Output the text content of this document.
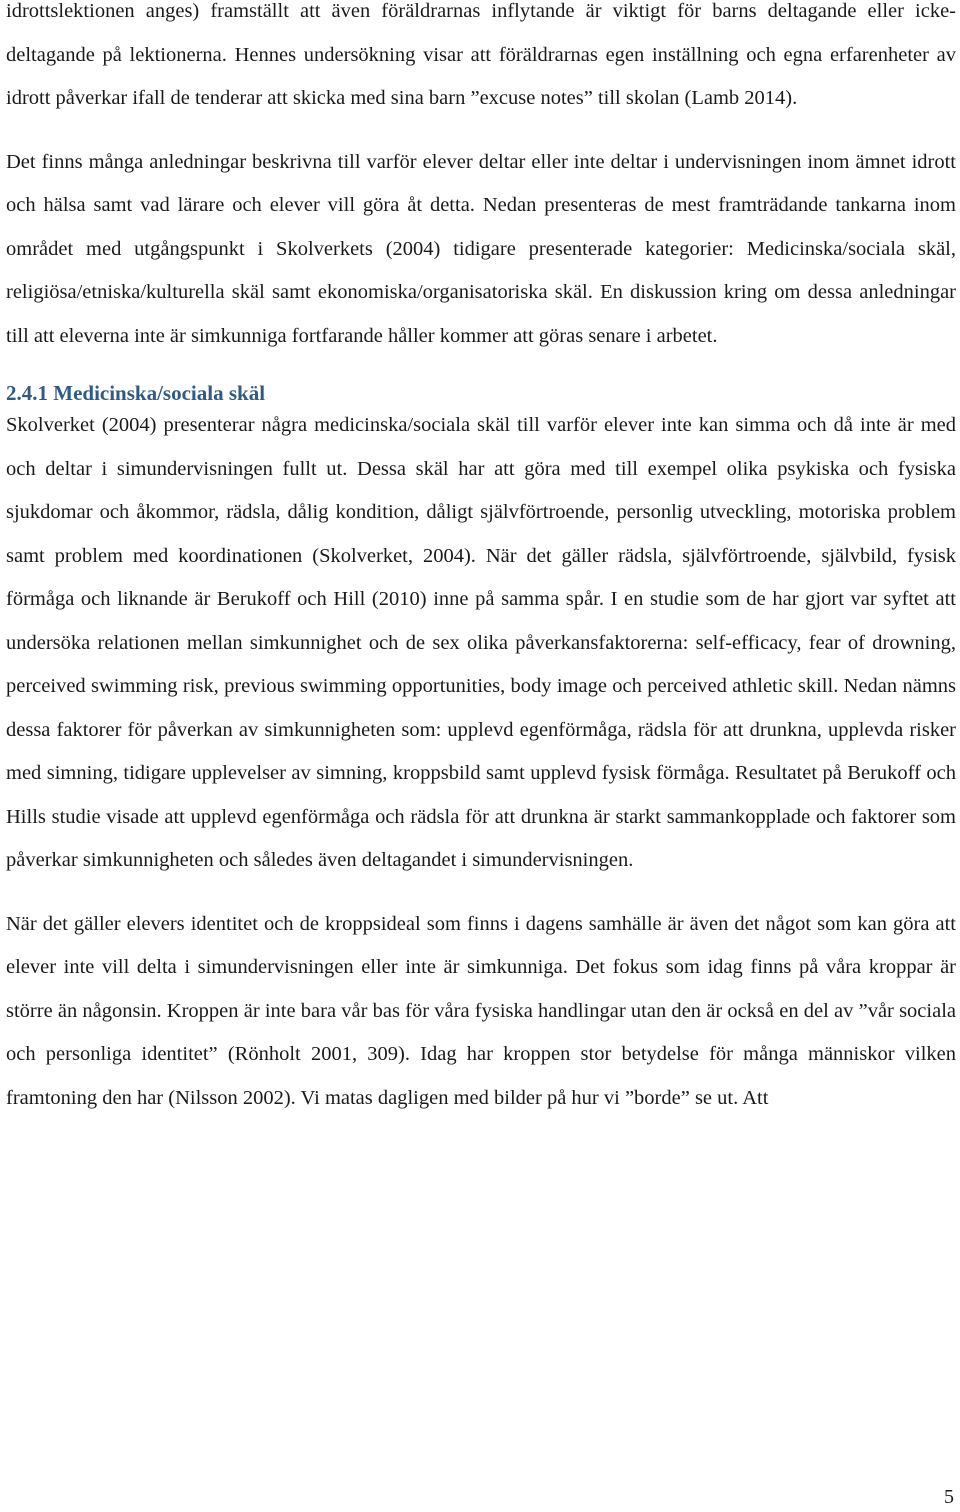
idrottslektionen anges) framställt att även föräldrarnas inflytande är viktigt för barns deltagande eller icke-deltagande på lektionerna. Hennes undersökning visar att föräldrarnas egen inställning och egna erfarenheter av idrott påverkar ifall de tenderar att skicka med sina barn ”excuse notes” till skolan (Lamb 2014).

Det finns många anledningar beskrivna till varför elever deltar eller inte deltar i undervisningen inom ämnet idrott och hälsa samt vad lärare och elever vill göra åt detta. Nedan presenteras de mest framträdande tankarna inom området med utgångspunkt i Skolverkets (2004) tidigare presenterade kategorier: Medicinska/sociala skäl, religiösa/etniska/kulturella skäl samt ekonomiska/organisatoriska skäl. En diskussion kring om dessa anledningar till att eleverna inte är simkunniga fortfarande håller kommer att göras senare i arbetet.

2.4.1 Medicinska/sociala skäl

Skolverket (2004) presenterar några medicinska/sociala skäl till varför elever inte kan simma och då inte är med och deltar i simundervisningen fullt ut. Dessa skäl har att göra med till exempel olika psykiska och fysiska sjukdomar och åkommor, rädsla, dålig kondition, dåligt självförtroende, personlig utveckling, motoriska problem samt problem med koordinationen (Skolverket, 2004). När det gäller rädsla, självförtroende, självbild, fysisk förmåga och liknande är Berukoff och Hill (2010) inne på samma spår. I en studie som de har gjort var syftet att undersöka relationen mellan simkunnighet och de sex olika påverkansfaktorerna: self-efficacy, fear of drowning, perceived swimming risk, previous swimming opportunities, body image och perceived athletic skill. Nedan nämns dessa faktorer för påverkan av simkunnigheten som: upplevd egenförmåga, rädsla för att drunkna, upplevda risker med simning, tidigare upplevelser av simning, kroppsbild samt upplevd fysisk förmåga. Resultatet på Berukoff och Hills studie visade att upplevd egenförmåga och rädsla för att drunkna är starkt sammankopplade och faktorer som påverkar simkunnigheten och således även deltagandet i simundervisningen.

När det gäller elevers identitet och de kroppsideal som finns i dagens samhälle är även det något som kan göra att elever inte vill delta i simundervisningen eller inte är simkunniga. Det fokus som idag finns på våra kroppar är större än någonsin. Kroppen är inte bara vår bas för våra fysiska handlingar utan den är också en del av ”vår sociala och personliga identitet” (Rönholt 2001, 309). Idag har kroppen stor betydelse för många människor vilken framtoning den har (Nilsson 2002). Vi matas dagligen med bilder på hur vi ”borde” se ut. Att

5
